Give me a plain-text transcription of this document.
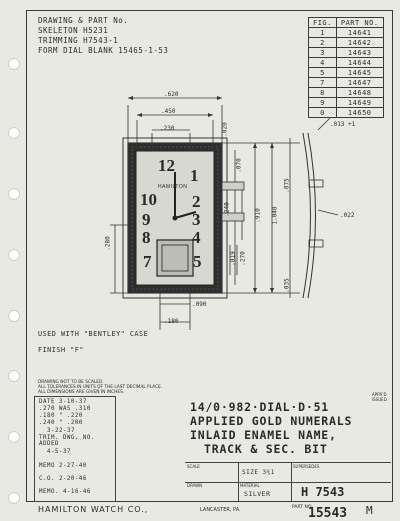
DRAWING & PART No.
SKELETON H5231
TRIMMING H7543-1
FORM DIAL BLANK 15465-1-53
FIG.	PART NO.
1	14641
2	14642
3	14643
4	14644
5	14645
7	14647
8	14648
9	14649
0	14650
HAMILTON
12
1
10 2
9 3
8 4
7 5
.620
.450
.230	.020
.070
.075
.240	.910 1.040
.280
.013 +1
.022
.160 .019 .270
.035
.090
.180
USED WITH "BENTLEY" CASE
FINISH "F"
DRAWING NOT TO BE SCALED.
ALL TOLERANCES IN UNITS OF THE LAST DECIMAL PLACE.
ALL DIMENSIONS ARE GIVEN IN INCHES.
DATE 3-10-37
.270 WAS .310
.180 " .220
.240 " .200
3-22-37
TRIM. DWG. NO. ADDED
4-5-37
MEMO 2-27-40
C.O. 2-20-46
MEMO. 4-16-46
14/0·982·DIAL·D·51
APPLIED GOLD NUMERALS
INLAID ENAMEL NAME,
TRACK & SEC. BIT
SCALE
SIZE 3⅗1
SUPERSEDES
DRAWN	MATERIAL
SILVER	H 7543
APPR'D ISSUED
HAMILTON WATCH CO.,	LANCASTER, PA.	PART NO.
15543 M
